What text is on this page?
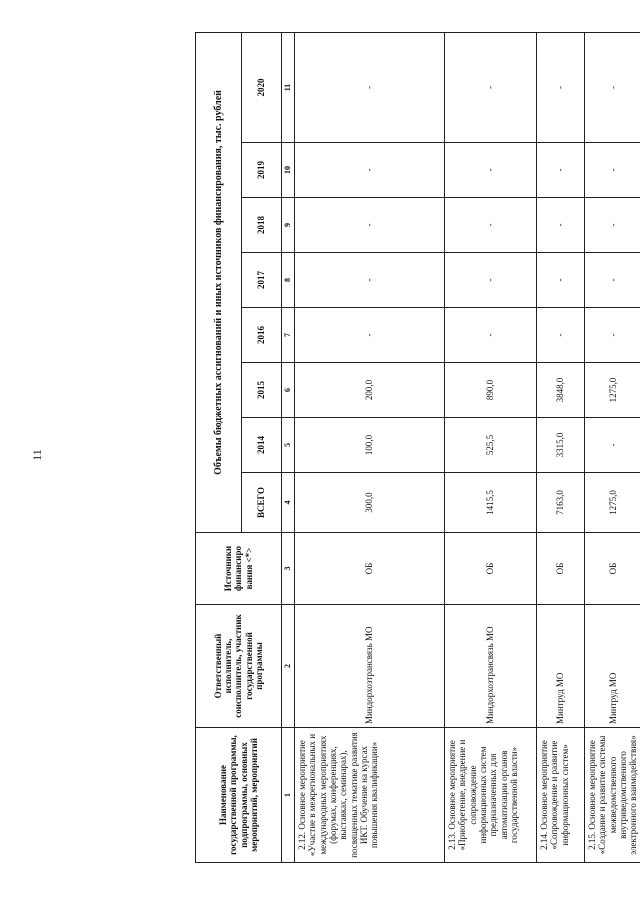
11
Наименование государственной программы, подпрограммы, основных мероприятий, мероприятий	Ответственный исполнитель, соисполнитель, участник государственной программы	Источники финансиро вания <*>	Объемы бюджетных ассигнований и иных источников финансирования, тыс. рублей							
			ВСЕГО	2014	2015	2016	2017	2018	2019	2020
1	2	3	4	5	6	7	8	9	10	11
2.12. Основное мероприятие «Участие в межрегиональных и международных мероприятиях (форумах, конференциях, выставках, семинарах), посвященных тематике развития ИКТ. Обучение на курсах повышения квалификации»	Миндорхозтрансвязь МО	ОБ	300,0	100,0	200,0	-	-	-	-	-
2.13. Основное мероприятие «Приобретение, внедрение и сопровождение информационных систем предназначенных для автоматизации органов государственной власти»	Миндорхозтрансвязь МО	ОБ	1415,5	525,5	890,0	-	-	-	-	-
2.14. Основное мероприятие «Сопровождение и развитие информационных систем»	Минтруд МО	ОБ	7163,0	3315,0	3848,0	-	-	-	-	-
2.15. Основное мероприятие «Создание и развитие системы межведомственного внутриведомственного электронного взаимодействия»	Минтруд МО	ОБ	1275,0	-	1275,0	-	-	-	-	-
